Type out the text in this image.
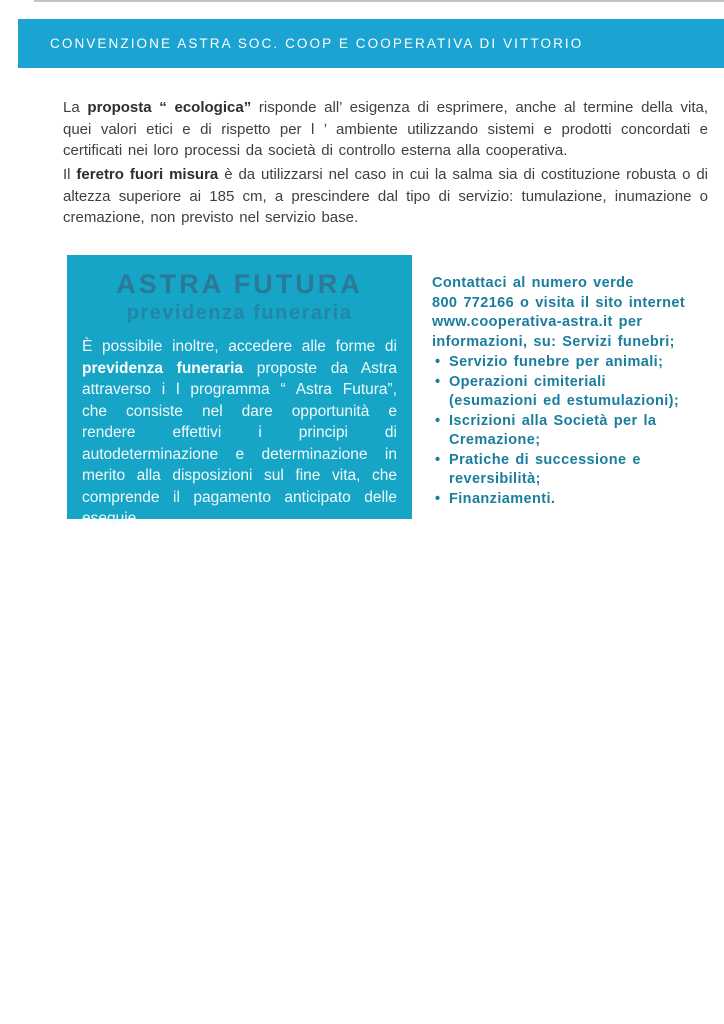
CONVENZIONE ASTRA SOC. COOP E COOPERATIVA DI VITTORIO

La proposta “ ecologica” risponde all’ esigenza di esprimere, anche al termine della vita, quei valori etici e di rispetto per l ’ ambiente utilizzando sistemi e prodotti concordati e certificati nei loro processi da società di controllo esterna alla cooperativa.

Il feretro fuori misura è da utilizzarsi nel caso in cui la salma sia di costituzione robusta o di altezza superiore ai 185 cm, a prescindere dal tipo di servizio: tumulazione, inumazione o cremazione, non previsto nel servizio base.

ASTRA FUTURA
previdenza funeraria

È possibile inoltre, accedere alle forme di previdenza funeraria proposte da Astra attraverso i l programma “ Astra Futura”, che consiste nel dare opportunità e rendere effettivi i principi di autodeterminazione e determinazione in merito alla disposizioni sul fine vita, che comprende il pagamento anticipato delle esequie.

Contattaci al numero verde
800 772166 o visita il sito internet
www.cooperativa-astra.it per
informazioni, su: Servizi funebri;
• Servizio funebre per animali;
• Operazioni cimiteriali (esumazioni ed estumulazioni);
• Iscrizioni alla Società per la Cremazione;
• Pratiche di successione e reversibilità;
• Finanziamenti.
